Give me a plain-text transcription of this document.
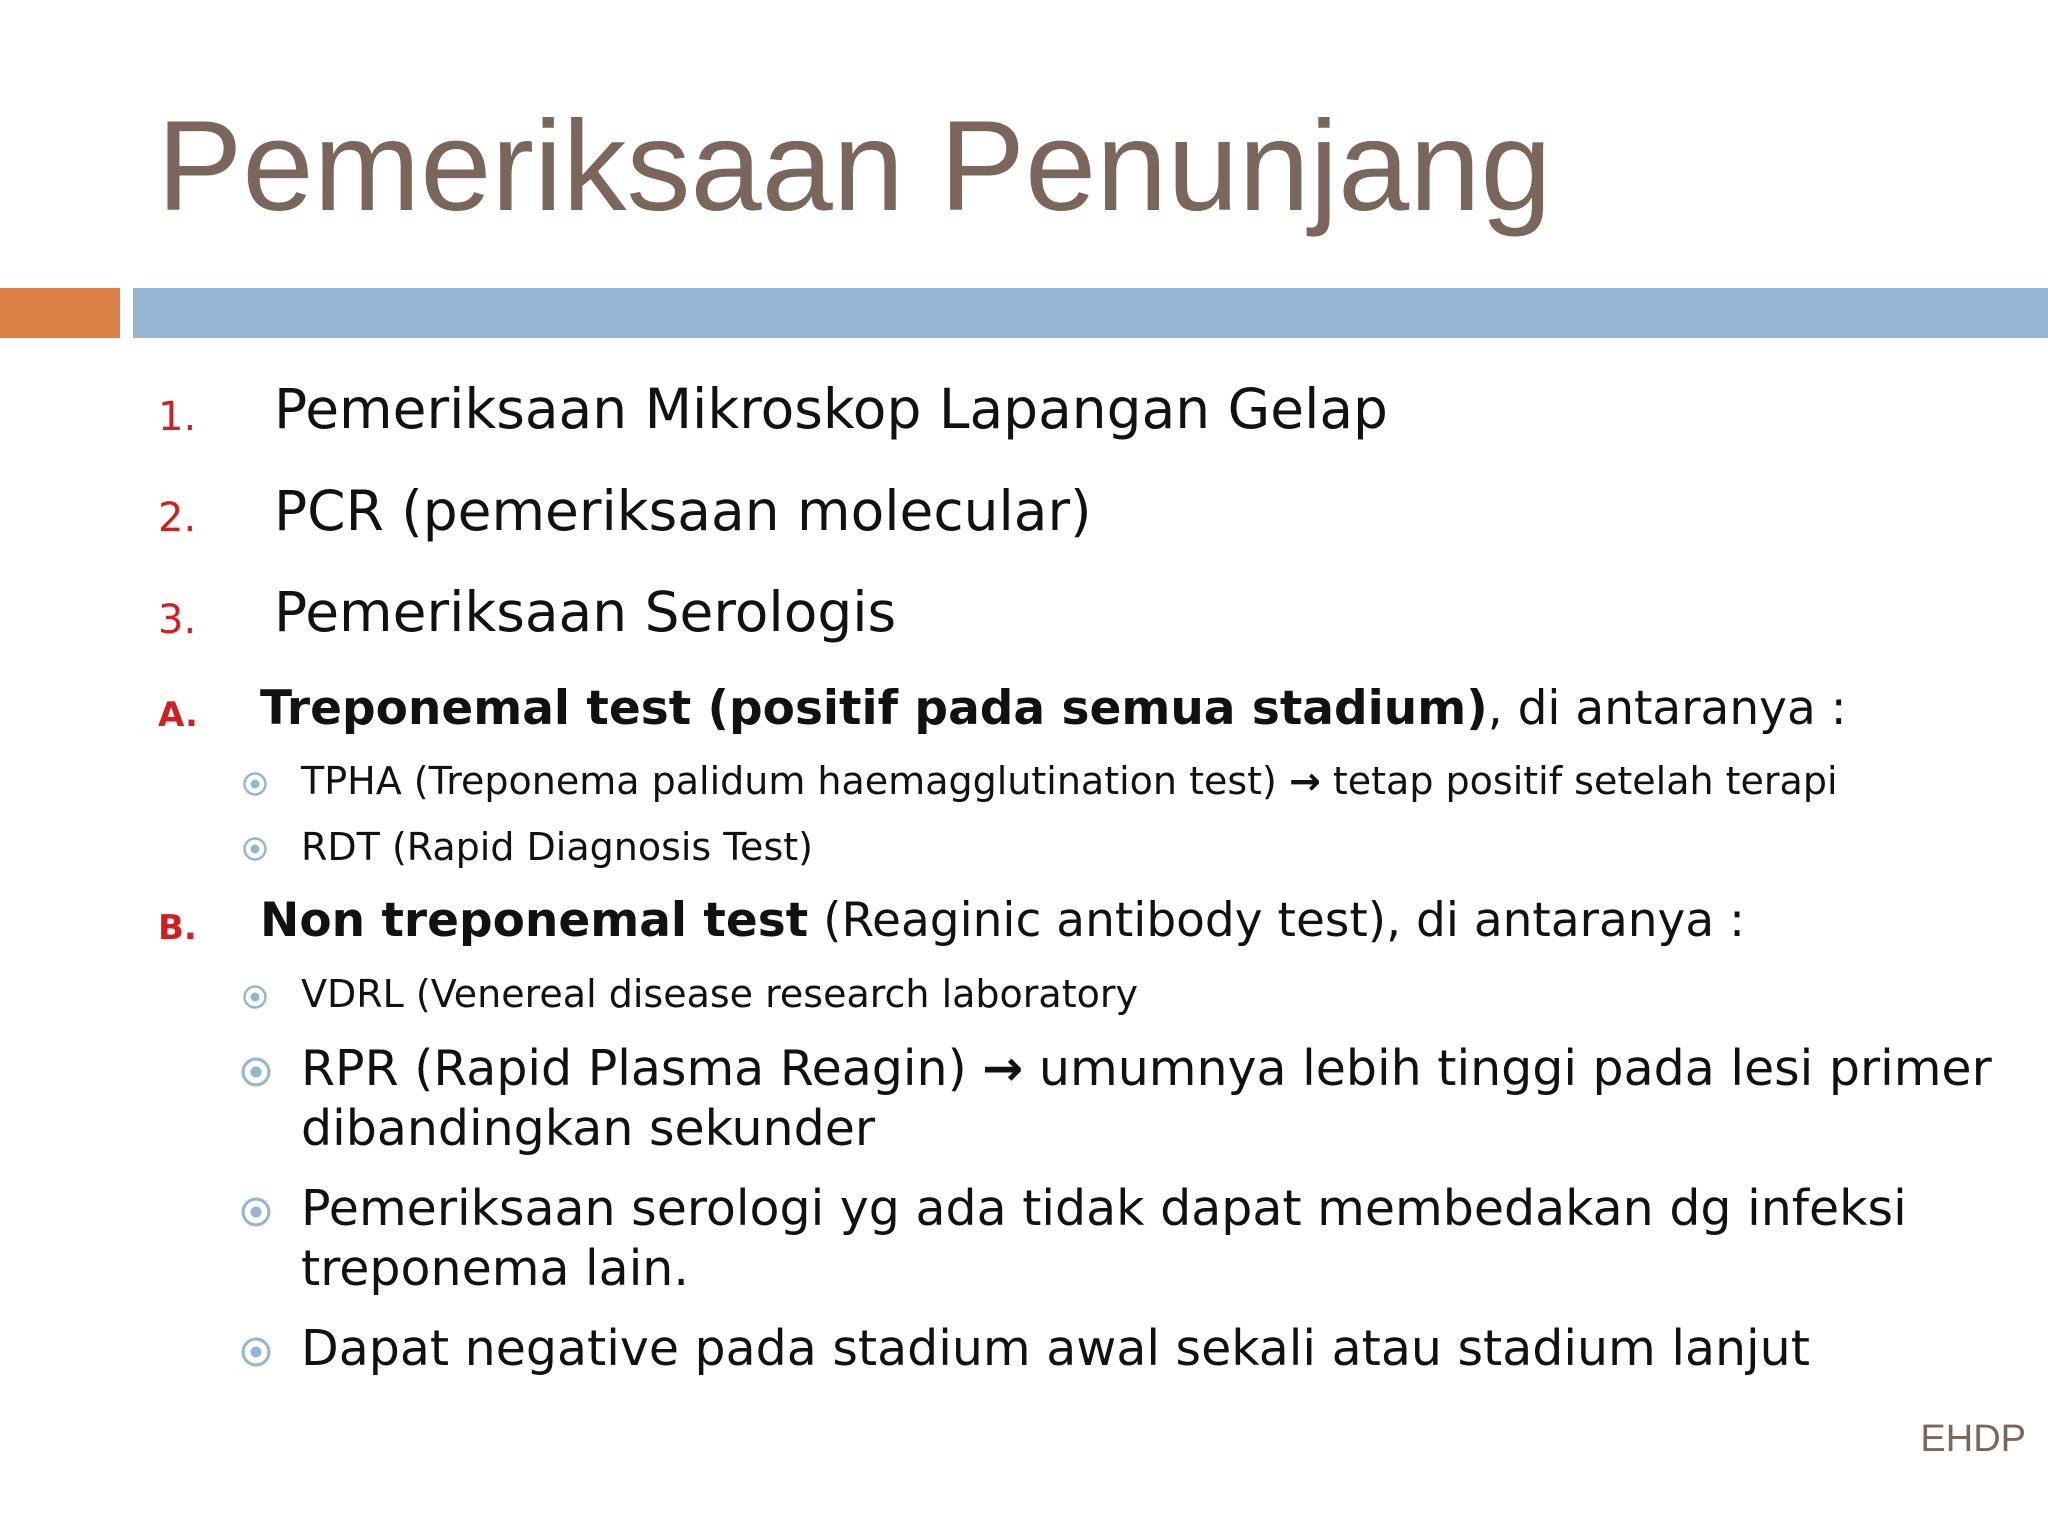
Pemeriksaan Penunjang
1. Pemeriksaan Mikroskop Lapangan Gelap
2. PCR (pemeriksaan molecular)
3. Pemeriksaan Serologis
A. Treponemal test (positif pada semua stadium), di antaranya :
TPHA (Treponema palidum haemagglutination test) → tetap positif setelah terapi
RDT (Rapid Diagnosis Test)
B. Non treponemal test (Reaginic antibody test), di antaranya :
VDRL (Venereal disease research laboratory
RPR (Rapid Plasma Reagin) → umumnya lebih tinggi pada lesi primer
dibandingkan sekunder
Pemeriksaan serologi yg ada tidak dapat membedakan dg infeksi
treponema lain.
Dapat negative pada stadium awal sekali atau stadium lanjut
EHDP
